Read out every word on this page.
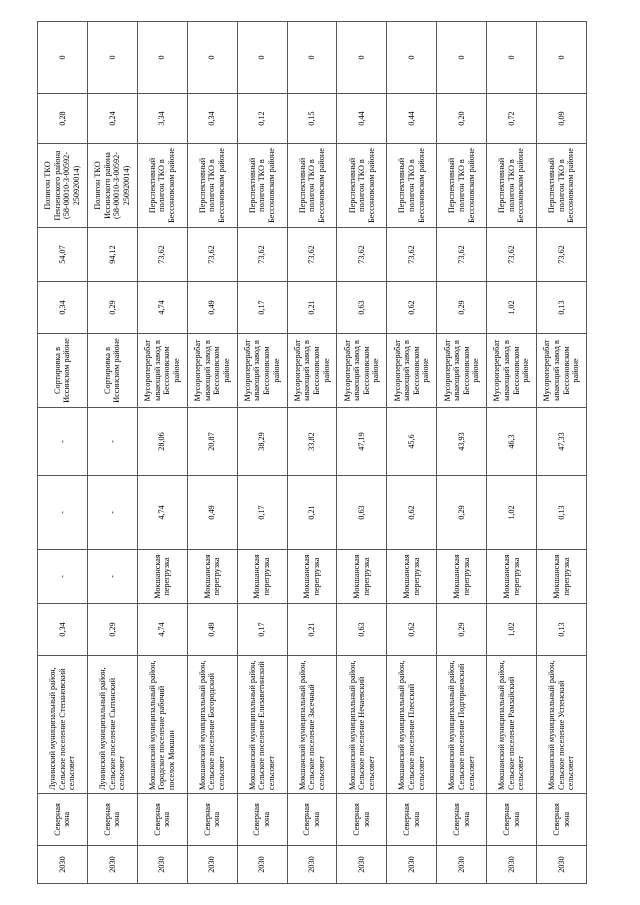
2030	Северная зона	Лунинский муниципальный район, Сельское поселение Степановский сельсовет	0,34	-	-	-	Сортировка в Иссинском районе	0,34	54,07	Полигон ТКО Пензенского района (58-00010-З-00592-250920014)	0,28	0
2030	Северная зона	Лунинский муниципальный район, Сельское поселение Сытинский сельсовет	0,29	-	-	-	Сортировка в Иссинском районе	0,29	94,12	Полигон ТКО Иссинского района (58-00010-З-00592-250920014)	0,24	0
2030	Северная зона	Мокшанский муниципальный район, Городское поселение рабочий поселок Мокшан	4,74	Мокшанская перегрузка	4,74	28,06	Мусороперерабатывающий завод в Бессоновском районе	4,74	73,62	Перспективный полигон ТКО в Бессоновском районе	3,34	0
2030	Северная зона	Мокшанский муниципальный район, Сельское поселение Богородский сельсовет	0,49	Мокшанская перегрузка	0,49	20,87	Мусороперерабатывающий завод в Бессоновском районе	0,49	73,62	Перспективный полигон ТКО в Бессоновском районе	0,34	0
2030	Северная зона	Мокшанский муниципальный район, Сельское поселение Елизаветинский сельсовет	0,17	Мокшанская перегрузка	0,17	38,29	Мусороперерабатывающий завод в Бессоновском районе	0,17	73,62	Перспективный полигон ТКО в Бессоновском районе	0,12	0
2030	Северная зона	Мокшанский муниципальный район, Сельское поселение Засечный сельсовет	0,21	Мокшанская перегрузка	0,21	33,82	Мусороперерабатывающий завод в Бессоновском районе	0,21	73,62	Перспективный полигон ТКО в Бессоновском районе	0,15	0
2030	Северная зона	Мокшанский муниципальный район, Сельское поселение Нечаевский сельсовет	0,63	Мокшанская перегрузка	0,63	47,19	Мусороперерабатывающий завод в Бессоновском районе	0,63	73,62	Перспективный полигон ТКО в Бессоновском районе	0,44	0
2030	Северная зона	Мокшанский муниципальный район, Сельское поселение Плесский сельсовет	0,62	Мокшанская перегрузка	0,62	45,6	Мусороперерабатывающий завод в Бессоновском районе	0,62	73,62	Перспективный полигон ТКО в Бессоновском районе	0,44	0
2030	Северная зона	Мокшанский муниципальный район, Сельское поселение Подгорненский сельсовет	0,29	Мокшанская перегрузка	0,29	43,93	Мусороперерабатывающий завод в Бессоновском районе	0,29	73,62	Перспективный полигон ТКО в Бессоновском районе	0,20	0
2030	Северная зона	Мокшанский муниципальный район, Сельское поселение Рамзайский сельсовет	1,02	Мокшанская перегрузка	1,02	46,3	Мусороперерабатывающий завод в Бессоновском районе	1,02	73,62	Перспективный полигон ТКО в Бессоновском районе	0,72	0
2030	Северная зона	Мокшанский муниципальный район, Сельское поселение Успенский сельсовет	0,13	Мокшанская перегрузка	0,13	47,33	Мусороперерабатывающий завод в Бессоновском районе	0,13	73,62	Перспективный полигон ТКО в Бессоновском районе	0,09	0
